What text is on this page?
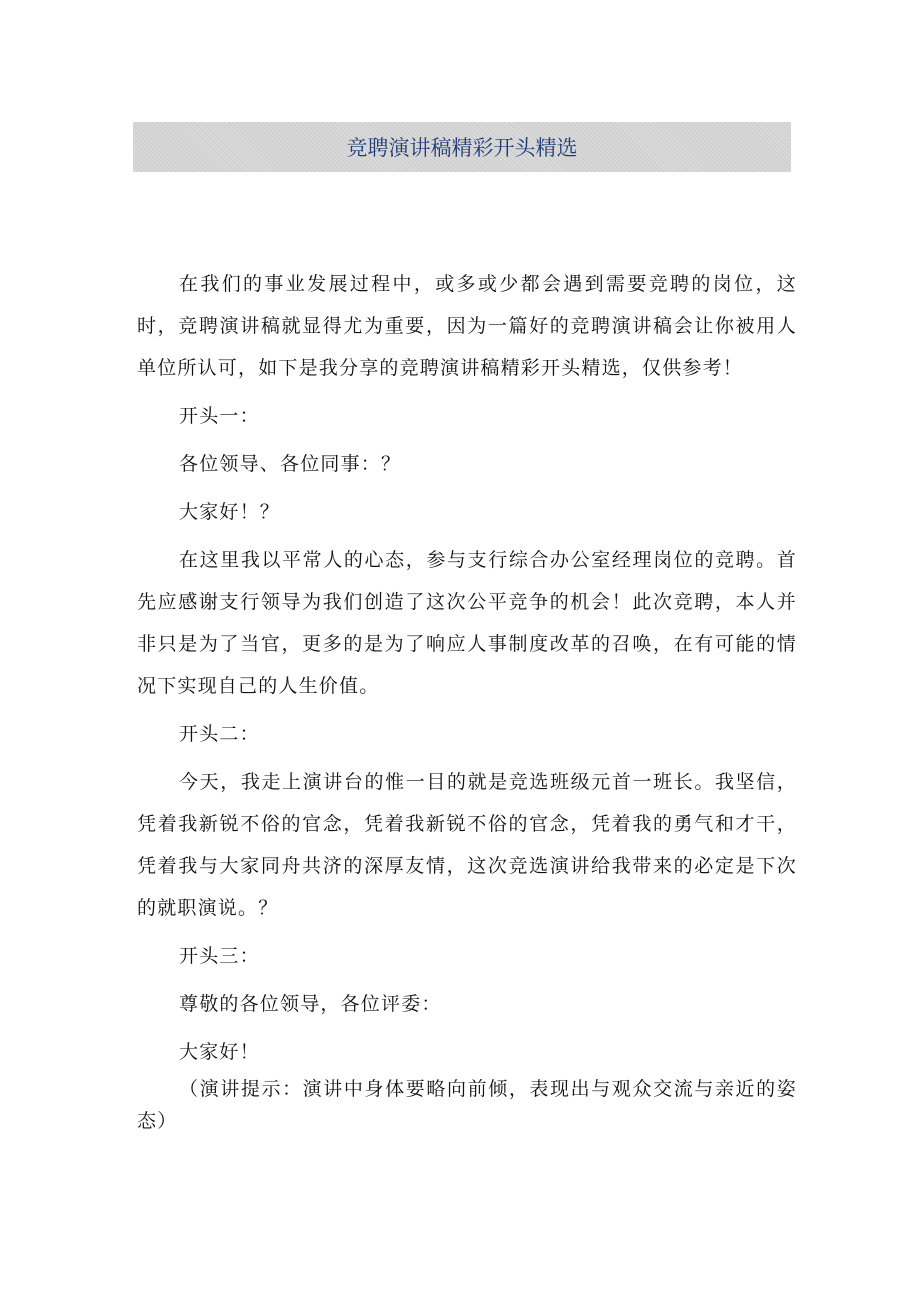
竞聘演讲稿精彩开头精选

在我们的事业发展过程中，或多或少都会遇到需要竞聘的岗位，这时，竞聘演讲稿就显得尤为重要，因为一篇好的竞聘演讲稿会让你被用人单位所认可，如下是我分享的竞聘演讲稿精彩开头精选，仅供参考！

开头一：

各位领导、各位同事：？

大家好！？

在这里我以平常人的心态，参与支行综合办公室经理岗位的竞聘。首先应感谢支行领导为我们创造了这次公平竞争的机会！此次竞聘，本人并非只是为了当官，更多的是为了响应人事制度改革的召唤，在有可能的情况下实现自己的人生价值。

开头二：

今天，我走上演讲台的惟一目的就是竞选班级元首一班长。我坚信，凭着我新锐不俗的官念，凭着我新锐不俗的官念，凭着我的勇气和才干，凭着我与大家同舟共济的深厚友情，这次竞选演讲给我带来的必定是下次的就职演说。？

开头三：

尊敬的各位领导，各位评委：

大家好！

（演讲提示：演讲中身体要略向前倾，表现出与观众交流与亲近的姿态）
